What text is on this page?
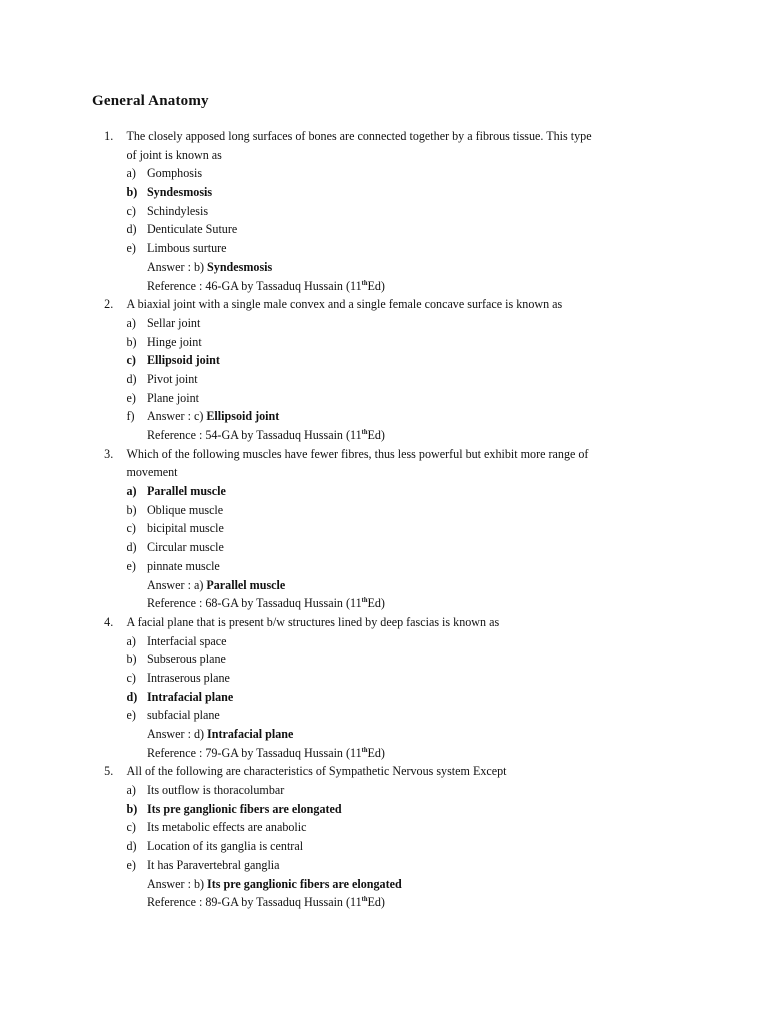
General Anatomy
1. The closely apposed long surfaces of bones are connected together by a fibrous tissue. This type
of joint is known as
a) Gomphosis
b) Syndesmosis
c) Schindylesis
d) Denticulate Suture
e) Limbous surture
Answer : b) Syndesmosis
Reference : 46-GA by Tassaduq Hussain (11thEd)
2. A biaxial joint with a single male convex and a single female concave surface is known as
a) Sellar joint
b) Hinge joint
c) Ellipsoid joint
d) Pivot joint
e) Plane joint
f) Answer : c) Ellipsoid joint
Reference : 54-GA by Tassaduq Hussain (11thEd)
3. Which of the following muscles have fewer fibres, thus less powerful but exhibit more range of
movement
a) Parallel muscle
b) Oblique muscle
c) bicipital muscle
d) Circular muscle
e) pinnate muscle
Answer : a) Parallel muscle
Reference : 68-GA by Tassaduq Hussain (11thEd)
4. A facial plane that is present b/w structures lined by deep fascias is known as
a) Interfacial space
b) Subserous plane
c) Intraserous plane
d) Intrafacial plane
e) subfacial plane
Answer : d) Intrafacial plane
Reference : 79-GA by Tassaduq Hussain (11thEd)
5. All of the following are characteristics of Sympathetic Nervous system Except
a) Its outflow is thoracolumbar
b) Its pre ganglionic fibers are elongated
c) Its metabolic effects are anabolic
d) Location of its ganglia is central
e) It has Paravertebral ganglia
Answer : b) Its pre ganglionic fibers are elongated
Reference : 89-GA by Tassaduq Hussain (11thEd)
